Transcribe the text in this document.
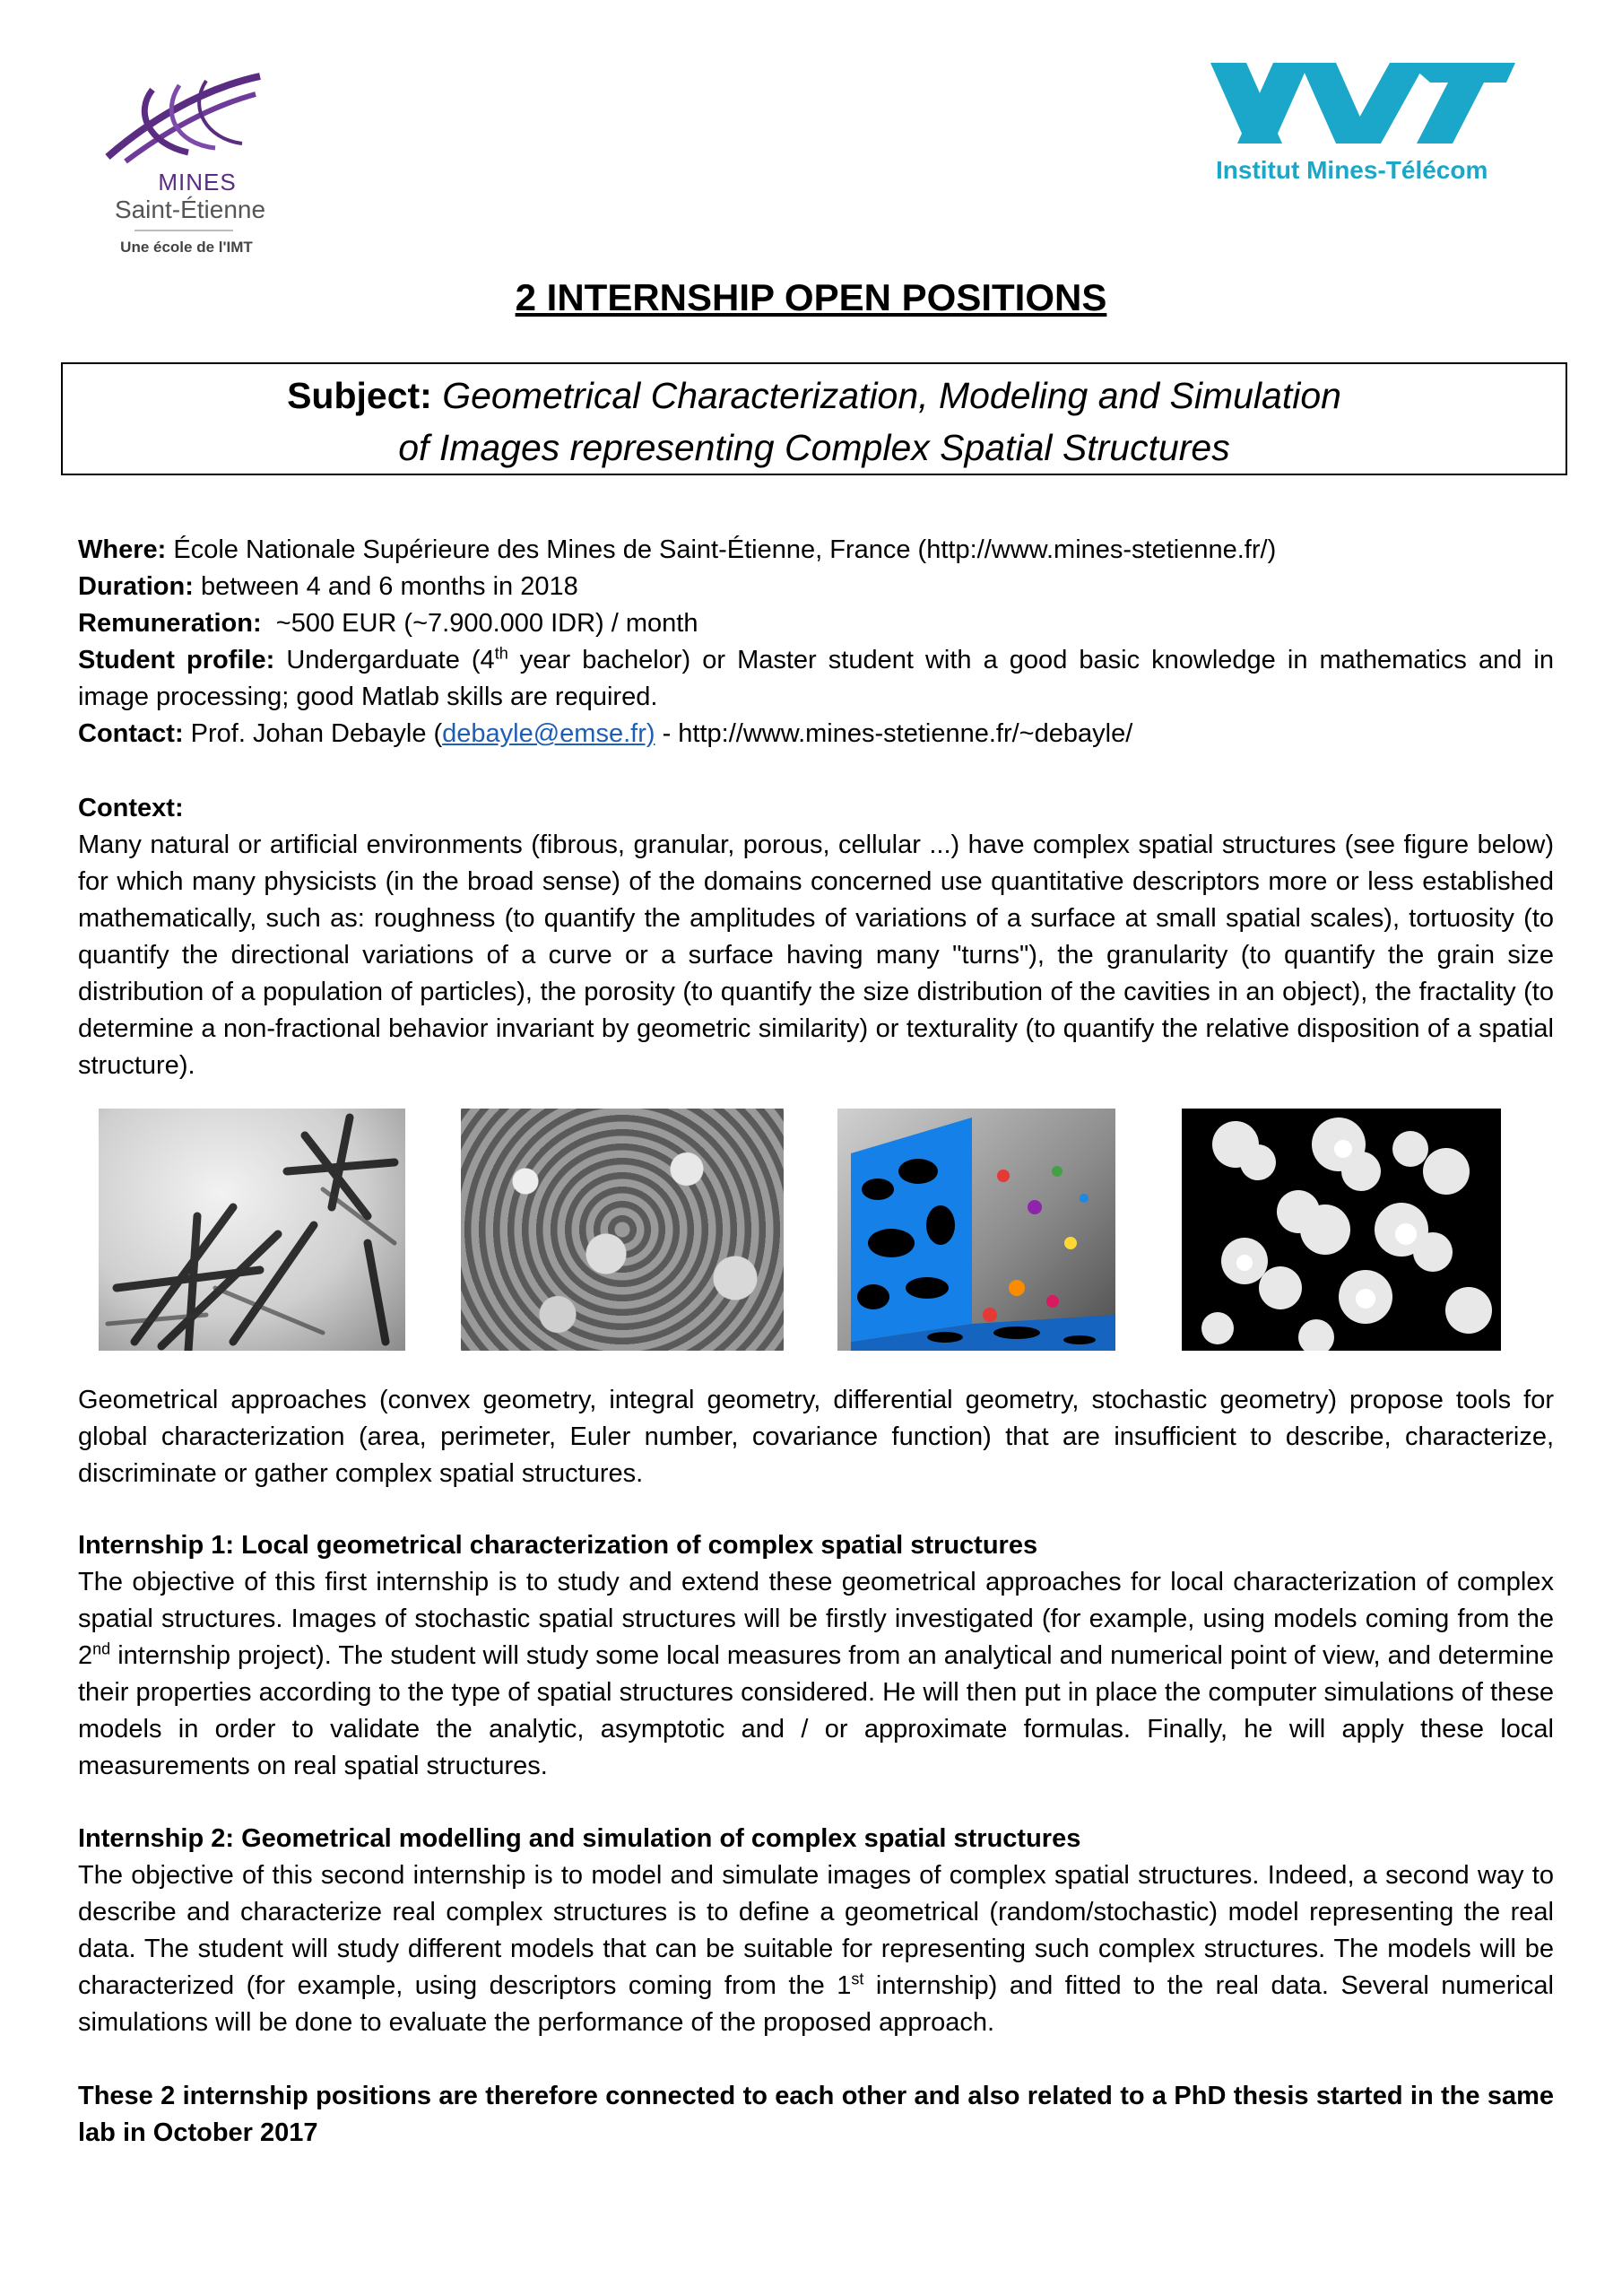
MINES
Saint-Étienne
Une école de l'IMT
Institut Mines-Télécom
2 INTERNSHIP OPEN POSITIONS
Subject: Geometrical Characterization, Modeling and Simulation
of Images representing Complex Spatial Structures

Where: École Nationale Supérieure des Mines de Saint-Étienne, France (http://www.mines-stetienne.fr/)

Duration: between 4 and 6 months in 2018

Remuneration: ~500 EUR (~7.900.000 IDR) / month

Student profile: Undergarduate (4th year bachelor) or Master student with a good basic knowledge in mathematics and in image processing; good Matlab skills are required.

Contact: Prof. Johan Debayle (debayle@emse.fr) - http://www.mines-stetienne.fr/~debayle/

Context:

Many natural or artificial environments (fibrous, granular, porous, cellular ...) have complex spatial structures (see figure below) for which many physicists (in the broad sense) of the domains concerned use quantitative descriptors more or less established mathematically, such as: roughness (to quantify the amplitudes of variations of a surface at small spatial scales), tortuosity (to quantify the directional variations of a curve or a surface having many "turns"), the granularity (to quantify the grain size distribution of a population of particles), the porosity (to quantify the size distribution of the cavities in an object), the fractality (to determine a non-fractional behavior invariant by geometric similarity) or texturality (to quantify the relative disposition of a spatial structure).

Geometrical approaches (convex geometry, integral geometry, differential geometry, stochastic geometry) propose tools for global characterization (area, perimeter, Euler number, covariance function) that are insufficient to describe, characterize, discriminate or gather complex spatial structures.

Internship 1: Local geometrical characterization of complex spatial structures

The objective of this first internship is to study and extend these geometrical approaches for local characterization of complex spatial structures. Images of stochastic spatial structures will be firstly investigated (for example, using models coming from the 2nd internship project). The student will study some local measures from an analytical and numerical point of view, and determine their properties according to the type of spatial structures considered. He will then put in place the computer simulations of these models in order to validate the analytic, asymptotic and / or approximate formulas. Finally, he will apply these local measurements on real spatial structures.

Internship 2: Geometrical modelling and simulation of complex spatial structures

The objective of this second internship is to model and simulate images of complex spatial structures. Indeed, a second way to describe and characterize real complex structures is to define a geometrical (random/stochastic) model representing the real data. The student will study different models that can be suitable for representing such complex structures. The models will be characterized (for example, using descriptors coming from the 1st internship) and fitted to the real data. Several numerical simulations will be done to evaluate the performance of the proposed approach.

These 2 internship positions are therefore connected to each other and also related to a PhD thesis started in the same lab in October 2017
